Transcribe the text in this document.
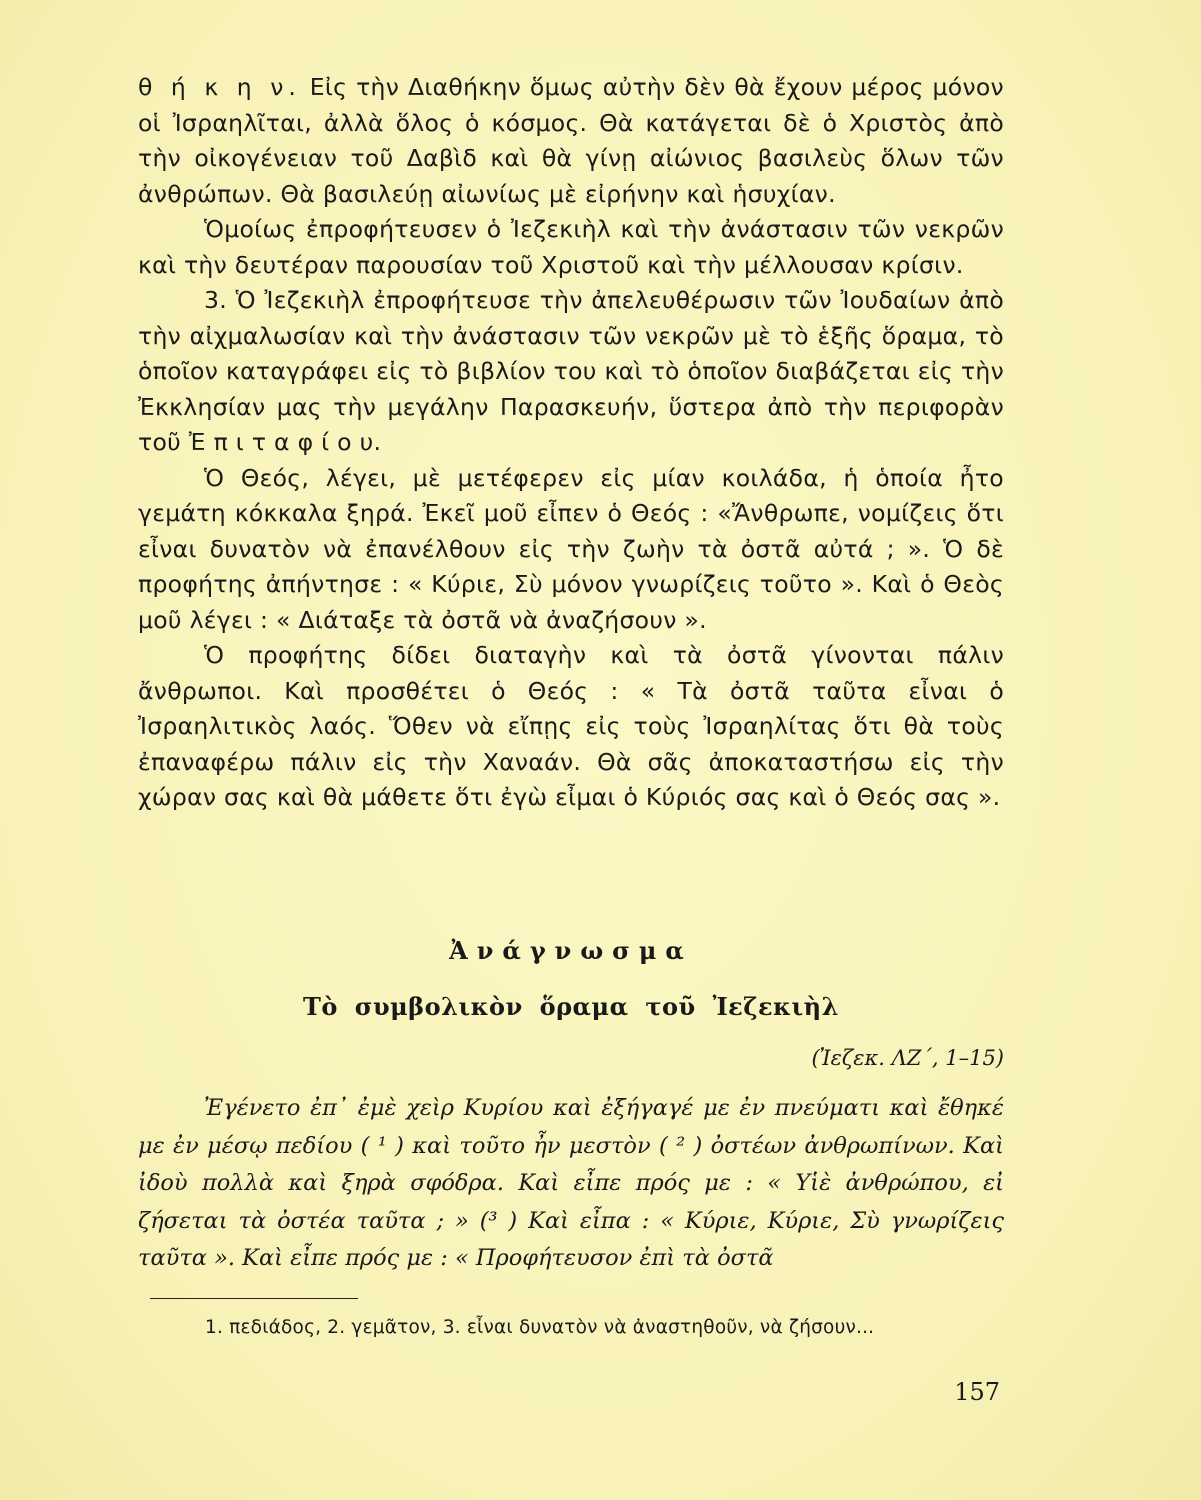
θ ή κ η ν. Εἰς τὴν Διαθήκην ὅμως αὐτὴν δὲν θὰ ἔχουν μέρος μόνον οἱ Ἰσραηλῖται, ἀλλὰ ὅλος ὁ κόσμος. Θὰ κατάγεται δὲ ὁ Χριστὸς ἀπὸ τὴν οἰκογένειαν τοῦ Δαβὶδ καὶ θὰ γίνῃ αἰώνιος βασιλεὺς ὅλων τῶν ἀνθρώπων. Θὰ βασιλεύῃ αἰωνίως μὲ εἰρήνην καὶ ἡσυχίαν.

Ὁμοίως ἐπροφήτευσεν ὁ Ἰεζεκιὴλ καὶ τὴν ἀνάστασιν τῶν νεκρῶν καὶ τὴν δευτέραν παρουσίαν τοῦ Χριστοῦ καὶ τὴν μέλλουσαν κρίσιν.

3. Ὁ Ἰεζεκιὴλ ἐπροφήτευσε τὴν ἀπελευθέρωσιν τῶν Ἰουδαίων ἀπὸ τὴν αἰχμαλωσίαν καὶ τὴν ἀνάστασιν τῶν νεκρῶν μὲ τὸ ἑξῆς ὅραμα, τὸ ὁποῖον καταγράφει εἰς τὸ βιβλίον του καὶ τὸ ὁποῖον διαβάζεται εἰς τὴν Ἐκκλησίαν μας τὴν μεγάλην Παρασκευήν, ὕστερα ἀπὸ τὴν περιφορὰν τοῦ Ἐ π ι τ α φ ί ο υ.

Ὁ Θεός, λέγει, μὲ μετέφερεν εἰς μίαν κοιλάδα, ἡ ὁποία ἦτο γεμάτη κόκκαλα ξηρά. Ἐκεῖ μοῦ εἶπεν ὁ Θεός : «Ἄνθρωπε, νομίζεις ὅτι εἶναι δυνατὸν νὰ ἐπανέλθουν εἰς τὴν ζωὴν τὰ ὀστᾶ αὐτά ; ». Ὁ δὲ προφήτης ἀπήντησε : « Κύριε, Σὺ μόνον γνωρίζεις τοῦτο ». Καὶ ὁ Θεὸς μοῦ λέγει : « Διάταξε τὰ ὀστᾶ νὰ ἀναζήσουν ».

Ὁ προφήτης δίδει διαταγὴν καὶ τὰ ὀστᾶ γίνονται πάλιν ἄνθρωποι. Καὶ προσθέτει ὁ Θεός : « Τὰ ὀστᾶ ταῦτα εἶναι ὁ Ἰσραηλιτικὸς λαός. Ὅθεν νὰ εἴπῃς εἰς τοὺς Ἰσραηλίτας ὅτι θὰ τοὺς ἐπαναφέρω πάλιν εἰς τὴν Χαναάν. Θὰ σᾶς ἀποκαταστήσω εἰς τὴν χώραν σας καὶ θὰ μάθετε ὅτι ἐγὼ εἶμαι ὁ Κύριός σας καὶ ὁ Θεός σας ».

Ἀνάγνωσμα
Τὸ συμβολικὸν ὅραμα τοῦ Ἰεζεκιὴλ
(Ἰεζεκ. ΛΖ΄, 1–15)

Ἐγένετο ἐπ᾽ ἐμὲ χεὶρ Κυρίου καὶ ἐξήγαγέ με ἐν πνεύματι καὶ ἔθηκέ με ἐν μέσῳ πεδίου ( ¹ ) καὶ τοῦτο ἦν μεστὸν ( ² ) ὀστέων ἀνθρωπίνων. Καὶ ἰδοὺ πολλὰ καὶ ξηρὰ σφόδρα. Καὶ εἶπε πρός με : « Υἱὲ ἀνθρώπου, εἰ ζήσεται τὰ ὀστέα ταῦτα ; » (³ ) Καὶ εἶπα : « Κύριε, Κύριε, Σὺ γνωρίζεις ταῦτα ». Καὶ εἶπε πρός με : « Προφήτευσον ἐπὶ τὰ ὀστᾶ

1. πεδιάδος, 2. γεμᾶτον, 3. εἶναι δυνατὸν νὰ ἀναστηθοῦν, νὰ ζήσουν...
157
